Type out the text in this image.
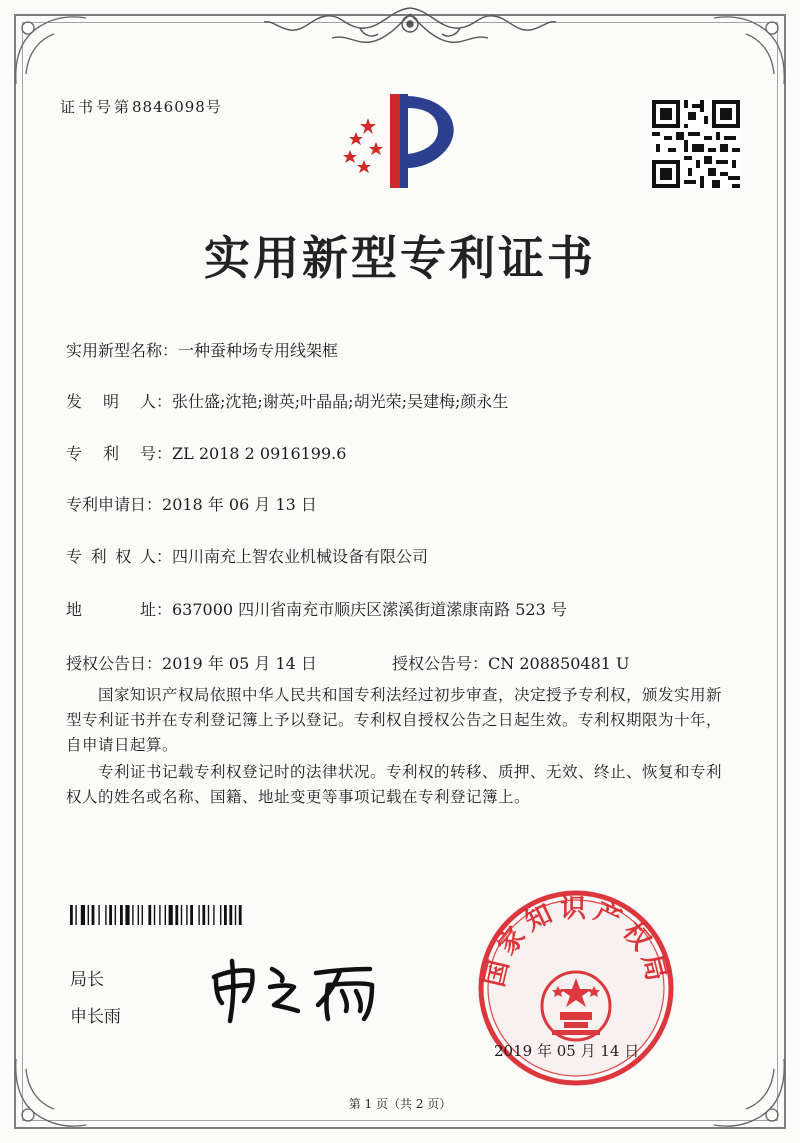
证书号第8846098号
实用新型专利证书
实用新型名称：一种蚕种场专用线架框
发 明 人： 张仕盛;沈艳;谢英;叶晶晶;胡光荣;吴建梅;颜永生
专 利 号： ZL 2018 2 0916199.6
专利申请日：2018 年 06 月 13 日
专 利 权 人： 四川南充上智农业机械设备有限公司
地	址： 637000 四川省南充市顺庆区潆溪街道潆康南路 523 号
授权公告日：2019 年 05 月 14 日	授权公告号：CN 208850481 U
国家知识产权局依照中华人民共和国专利法经过初步审查，决定授予专利权，颁发实用新型专利证书并在专利登记簿上予以登记。专利权自授权公告之日起生效。专利权期限为十年，自申请日起算。
专利证书记载专利权登记时的法律状况。专利权的转移、质押、无效、终止、恢复和专利权人的姓名或名称、国籍、地址变更等事项记载在专利登记簿上。
局长
申长雨
国家知识产权局
2019 年 05 月 14 日
第 1 页（共 2 页）
